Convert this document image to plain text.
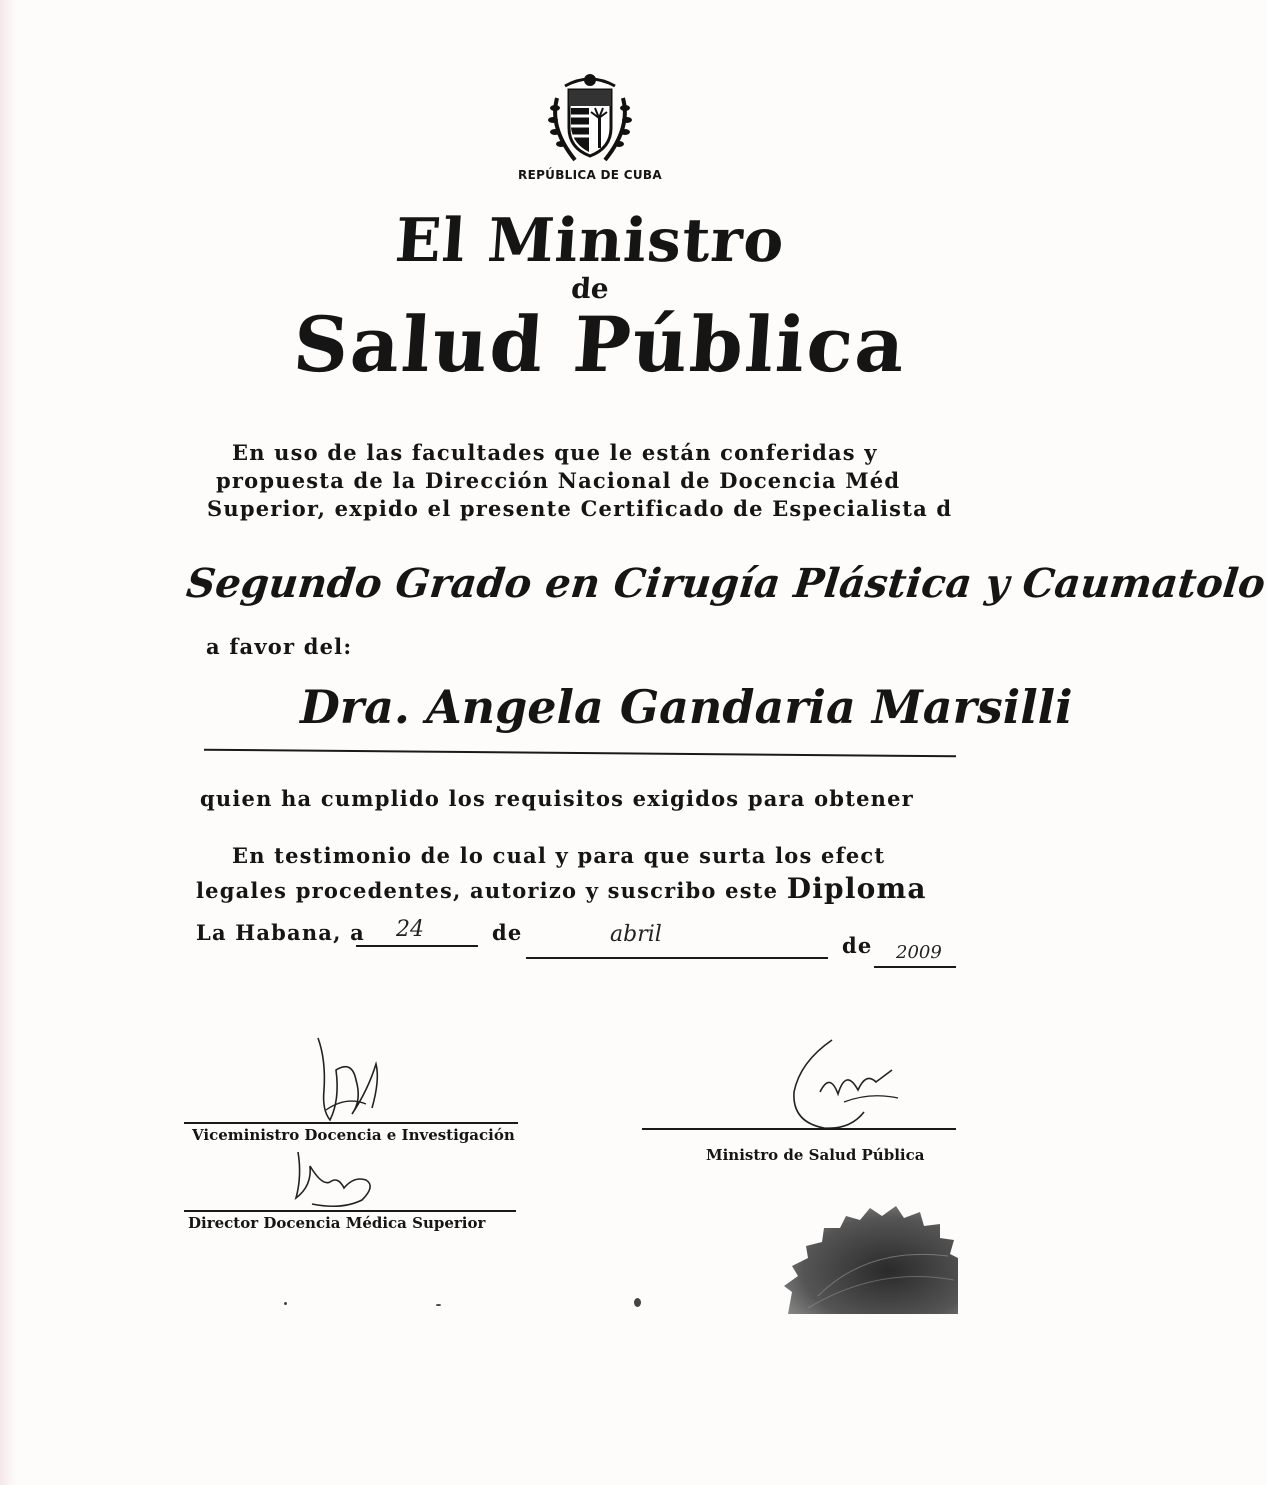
REPÚBLICA DE CUBA
El Ministro
de
Salud Pública
En uso de las facultades que le están conferidas y
propuesta de la Dirección Nacional de Docencia Méd
Superior, expido el presente Certificado de Especialista d
Segundo Grado en Cirugía Plástica y Caumatolo
a favor del:
Dra. Angela Gandaria Marsilli
quien ha cumplido los requisitos exigidos para obtener
En testimonio de lo cual y para que surta los efect
legales procedentes, autorizo y suscribo este Diploma
La Habana, a	24	de	abril	de 2009
Viceministro Docencia e Investigación
Director Docencia Médica Superior
Ministro de Salud Pública
